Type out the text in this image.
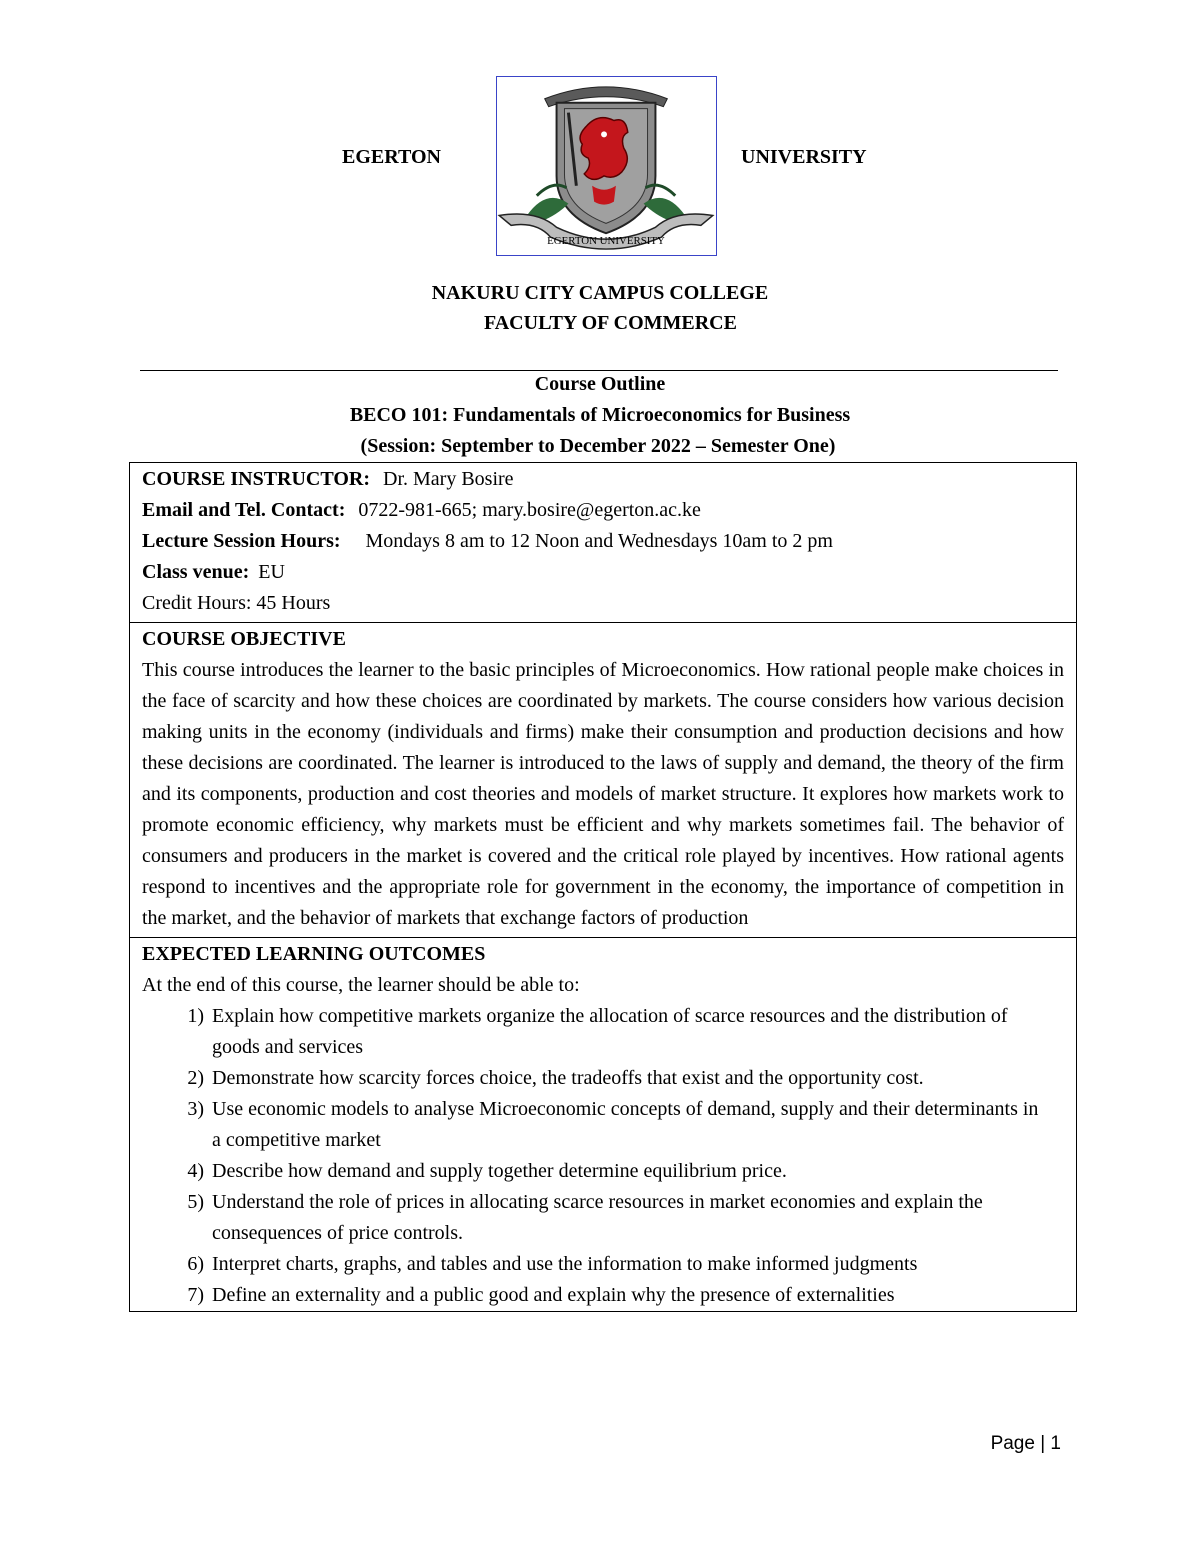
EGERTON
EGERTON UNIVERSITY
UNIVERSITY
NAKURU CITY CAMPUS COLLEGE
FACULTY OF COMMERCE
Course Outline
BECO 101: Fundamentals of Microeconomics for Business
(Session: September to December 2022 – Semester One)
COURSE INSTRUCTOR: Dr. Mary Bosire
Email and Tel. Contact: 0722-981-665; mary.bosire@egerton.ac.ke
Lecture Session Hours: Mondays 8 am to 12 Noon and Wednesdays 10am to 2 pm
Class venue: EU
Credit Hours: 45 Hours

COURSE OBJECTIVE
This course introduces the learner to the basic principles of Microeconomics. How rational people make choices in the face of scarcity and how these choices are coordinated by markets. The course considers how various decision making units in the economy (individuals and firms) make their consumption and production decisions and how these decisions are coordinated. The learner is introduced to the laws of supply and demand, the theory of the firm and its components, production and cost theories and models of market structure. It explores how markets work to promote economic efficiency, why markets must be efficient and why markets sometimes fail. The behavior of consumers and producers in the market is covered and the critical role played by incentives. How rational agents respond to incentives and the appropriate role for government in the economy, the importance of competition in the market, and the behavior of markets that exchange factors of production

EXPECTED LEARNING OUTCOMES
At the end of this course, the learner should be able to:
1) Explain how competitive markets organize the allocation of scarce resources and the distribution of goods and services
2) Demonstrate how scarcity forces choice, the tradeoffs that exist and the opportunity cost.
3) Use economic models to analyse Microeconomic concepts of demand, supply and their determinants in a competitive market
4) Describe how demand and supply together determine equilibrium price.
5) Understand the role of prices in allocating scarce resources in market economies and explain the consequences of price controls.
6) Interpret charts, graphs, and tables and use the information to make informed judgments
7) Define an externality and a public good and explain why the presence of externalities
Page | 1
